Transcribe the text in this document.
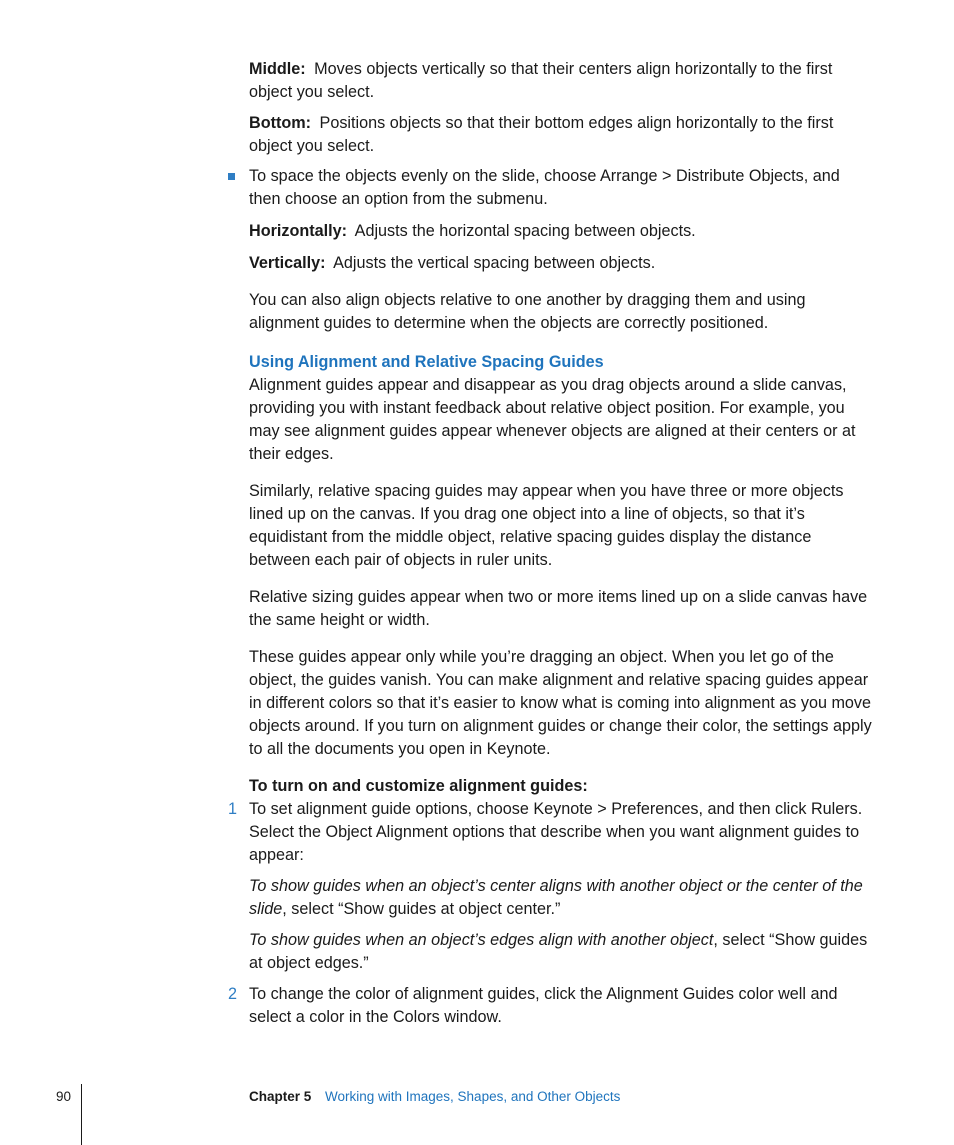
Middle: Moves objects vertically so that their centers align horizontally to the first object you select.

Bottom: Positions objects so that their bottom edges align horizontally to the first object you select.

To space the objects evenly on the slide, choose Arrange > Distribute Objects, and then choose an option from the submenu.

Horizontally: Adjusts the horizontal spacing between objects.

Vertically: Adjusts the vertical spacing between objects.

You can also align objects relative to one another by dragging them and using alignment guides to determine when the objects are correctly positioned.

Using Alignment and Relative Spacing Guides

Alignment guides appear and disappear as you drag objects around a slide canvas, providing you with instant feedback about relative object position. For example, you may see alignment guides appear whenever objects are aligned at their centers or at their edges.

Similarly, relative spacing guides may appear when you have three or more objects lined up on the canvas. If you drag one object into a line of objects, so that it’s equidistant from the middle object, relative spacing guides display the distance between each pair of objects in ruler units.

Relative sizing guides appear when two or more items lined up on a slide canvas have the same height or width.

These guides appear only while you’re dragging an object. When you let go of the object, the guides vanish. You can make alignment and relative spacing guides appear in different colors so that it’s easier to know what is coming into alignment as you move objects around. If you turn on alignment guides or change their color, the settings apply to all the documents you open in Keynote.

To turn on and customize alignment guides:

1 To set alignment guide options, choose Keynote > Preferences, and then click Rulers. Select the Object Alignment options that describe when you want alignment guides to appear:

To show guides when an object’s center aligns with another object or the center of the slide, select “Show guides at object center.”

To show guides when an object’s edges align with another object, select “Show guides at object edges.”

2 To change the color of alignment guides, click the Alignment Guides color well and select a color in the Colors window.
90	Chapter 5 Working with Images, Shapes, and Other Objects
